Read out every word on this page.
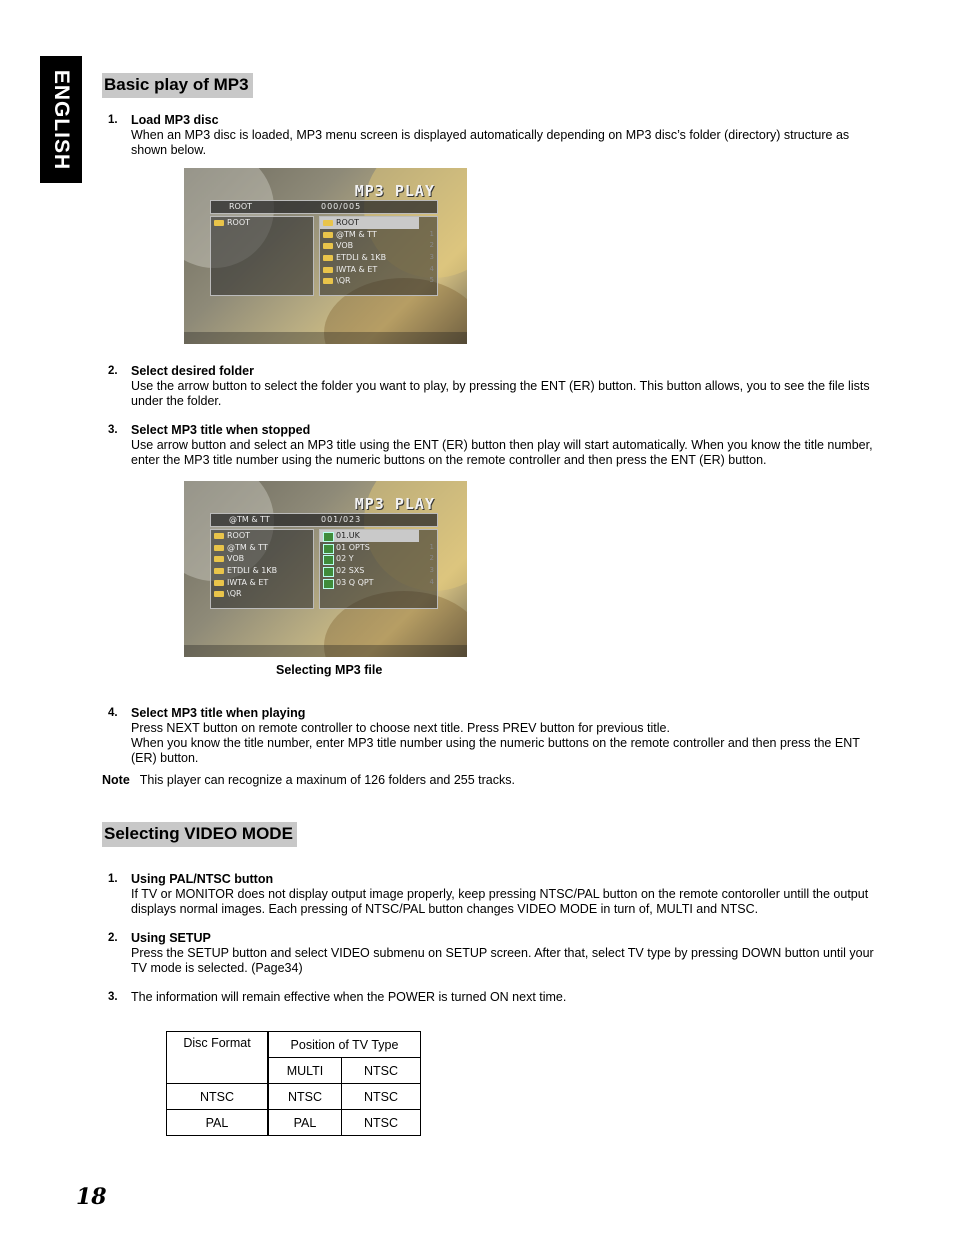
ENGLISH Basic play of MP3
1. Load MP3 disc
When an MP3 disc is loaded, MP3 menu screen is displayed automatically depending on MP3 disc’s folder (directory) structure as shown below.
MP3 PLAY
ROOT	000/005
ROOT	ROOT
@TM & TT	1
VOB	2
ETDLI & 1KB	3
IWTA & ET	4
\QR	5
2. Select desired folder
Use the arrow button to select the folder you want to play, by pressing the ENT (ER) button. This button allows, you to see the file lists under the folder.
3. Select MP3 title when stopped
Use arrow button and select an MP3 title using the ENT (ER) button then play will start automatically. When you know the title number, enter the MP3 title number using the numeric buttons on the remote controller and then press the ENT (ER) button.
MP3 PLAY
@TM & TT	001/023
ROOT
@TM & TT
VOB
ETDLI & 1KB
IWTA & ET
\QR
01.UK
01 OPTS	1
02 Y	2
02 SXS	3
03 Q QPT	4
Selecting MP3 file
4. Select MP3 title when playing
Press NEXT button on remote controller to choose next title. Press PREV button for previous title.
When you know the title number, enter MP3 title number using the numeric buttons on the remote controller and then press the ENT (ER) button.
Note This player can recognize a maxinum of 126 folders and 255 tracks.
Selecting VIDEO MODE
1. Using PAL/NTSC button
If TV or MONITOR does not display output image properly, keep pressing NTSC/PAL button on the remote contoroller untill the output displays normal images. Each pressing of NTSC/PAL button changes VIDEO MODE in turn of, MULTI and NTSC.
2. Using SETUP
Press the SETUP button and select VIDEO submenu on SETUP screen. After that, select TV type by pressing DOWN button until your TV mode is selected. (Page34)
3. The information will remain effective when the POWER is turned ON next time.
Disc Format	Position of TV Type	
	MULTI	NTSC
NTSC	NTSC	NTSC
PAL	PAL	NTSC
18
